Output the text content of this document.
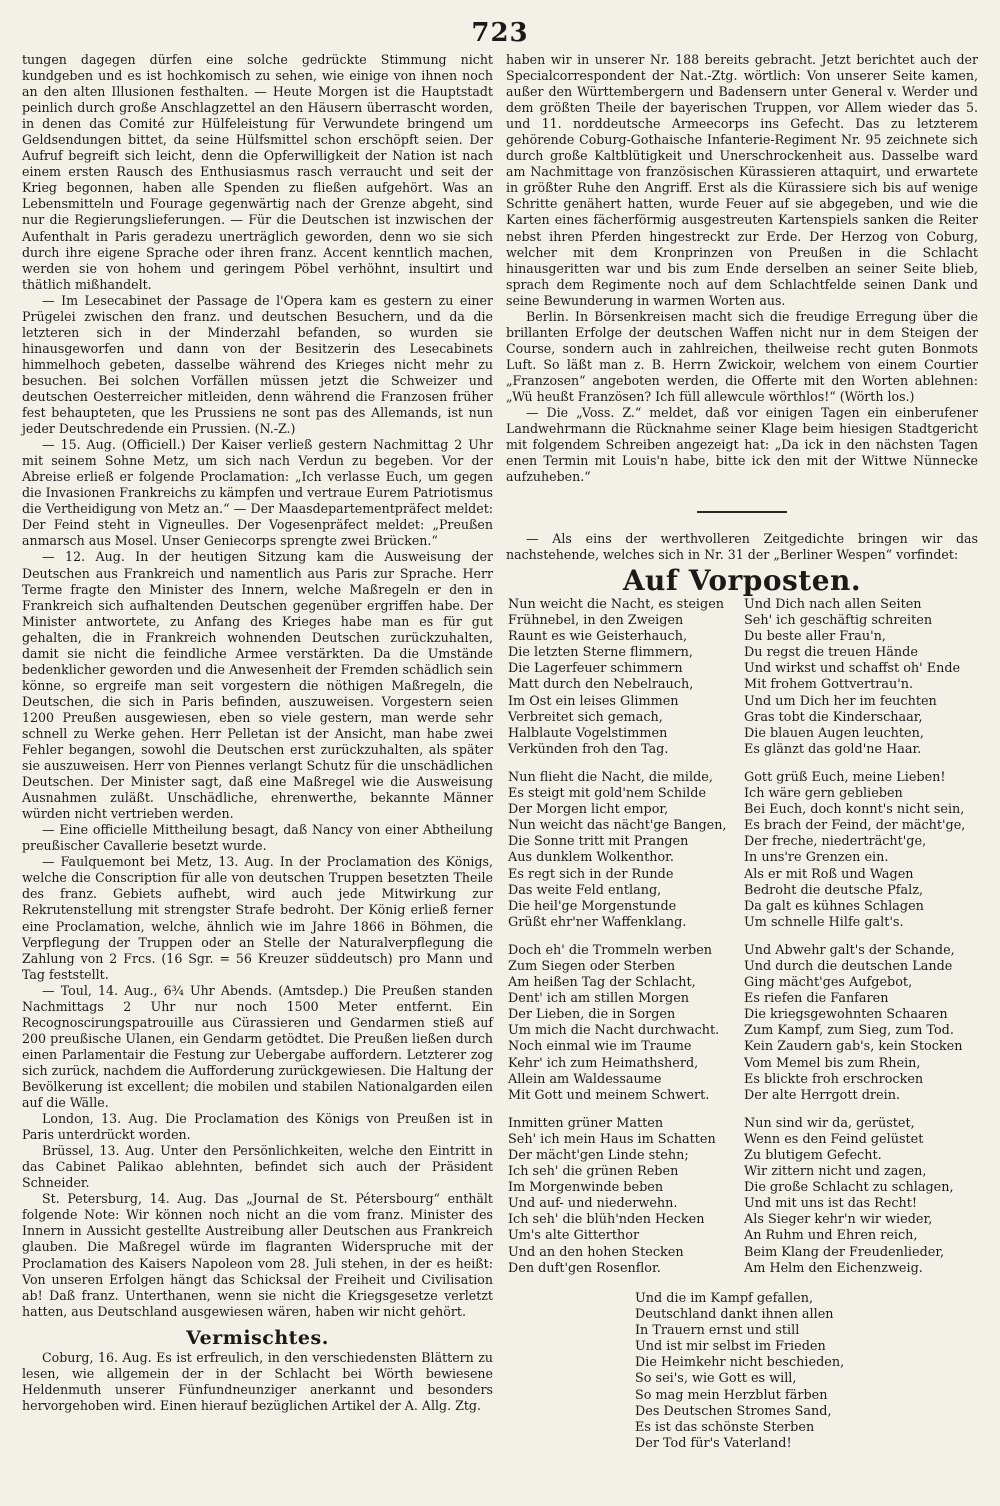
723

tungen dagegen dürfen eine solche gedrückte Stimmung nicht kundgeben und es ist hochkomisch zu sehen, wie einige von ihnen noch an den alten Illusionen festhalten. — Heute Morgen ist die Hauptstadt peinlich durch große Anschlagzettel an den Häusern überrascht worden, in denen das Comité zur Hülfeleistung für Verwundete bringend um Geldsendungen bittet, da seine Hülfsmittel schon erschöpft seien. Der Aufruf begreift sich leicht, denn die Opferwilligkeit der Nation ist nach einem ersten Rausch des Enthusiasmus rasch verraucht und seit der Krieg begonnen, haben alle Spenden zu fließen aufgehört. Was an Lebensmitteln und Fourage gegenwärtig nach der Grenze abgeht, sind nur die Regierungslieferungen. — Für die Deutschen ist inzwischen der Aufenthalt in Paris geradezu unerträglich geworden, denn wo sie sich durch ihre eigene Sprache oder ihren franz. Accent kenntlich machen, werden sie von hohem und geringem Pöbel verhöhnt, insultirt und thätlich mißhandelt.

— Im Lesecabinet der Passage de l'Opera kam es gestern zu einer Prügelei zwischen den franz. und deutschen Besuchern, und da die letzteren sich in der Minderzahl befanden, so wurden sie hinausgeworfen und dann von der Besitzerin des Lesecabinets himmelhoch gebeten, dasselbe während des Krieges nicht mehr zu besuchen. Bei solchen Vorfällen müssen jetzt die Schweizer und deutschen Oesterreicher mitleiden, denn während die Franzosen früher fest behaupteten, que les Prussiens ne sont pas des Allemands, ist nun jeder Deutschredende ein Prussien. (N.-Z.)

— 15. Aug. (Officiell.) Der Kaiser verließ gestern Nachmittag 2 Uhr mit seinem Sohne Metz, um sich nach Verdun zu begeben. Vor der Abreise erließ er folgende Proclamation: „Ich verlasse Euch, um gegen die Invasionen Frankreichs zu kämpfen und vertraue Eurem Patriotismus die Vertheidigung von Metz an.“ — Der Maasdepartementpräfect meldet: Der Feind steht in Vigneulles. Der Vogesenpräfect meldet: „Preußen anmarsch aus Mosel. Unser Geniecorps sprengte zwei Brücken.“

— 12. Aug. In der heutigen Sitzung kam die Ausweisung der Deutschen aus Frankreich und namentlich aus Paris zur Sprache. Herr Terme fragte den Minister des Innern, welche Maßregeln er den in Frankreich sich aufhaltenden Deutschen gegenüber ergriffen habe. Der Minister antwortete, zu Anfang des Krieges habe man es für gut gehalten, die in Frankreich wohnenden Deutschen zurückzuhalten, damit sie nicht die feindliche Armee verstärkten. Da die Umstände bedenklicher geworden und die Anwesenheit der Fremden schädlich sein könne, so ergreife man seit vorgestern die nöthigen Maßregeln, die Deutschen, die sich in Paris befinden, auszuweisen. Vorgestern seien 1200 Preußen ausgewiesen, eben so viele gestern, man werde sehr schnell zu Werke gehen. Herr Pelletan ist der Ansicht, man habe zwei Fehler begangen, sowohl die Deutschen erst zurückzuhalten, als später sie auszuweisen. Herr von Piennes verlangt Schutz für die unschädlichen Deutschen. Der Minister sagt, daß eine Maßregel wie die Ausweisung Ausnahmen zuläßt. Unschädliche, ehrenwerthe, bekannte Männer würden nicht vertrieben werden.

— Eine officielle Mittheilung besagt, daß Nancy von einer Abtheilung preußischer Cavallerie besetzt wurde.

— Faulquemont bei Metz, 13. Aug. In der Proclamation des Königs, welche die Conscription für alle von deutschen Truppen besetzten Theile des franz. Gebiets aufhebt, wird auch jede Mitwirkung zur Rekrutenstellung mit strengster Strafe bedroht. Der König erließ ferner eine Proclamation, welche, ähnlich wie im Jahre 1866 in Böhmen, die Verpflegung der Truppen oder an Stelle der Naturalverpflegung die Zahlung von 2 Frcs. (16 Sgr. = 56 Kreuzer süddeutsch) pro Mann und Tag feststellt.

— Toul, 14. Aug., 6¾ Uhr Abends. (Amtsdep.) Die Preußen standen Nachmittags 2 Uhr nur noch 1500 Meter entfernt. Ein Recognoscirungspatrouille aus Cürassieren und Gendarmen stieß auf 200 preußische Ulanen, ein Gendarm getödtet. Die Preußen ließen durch einen Parlamentair die Festung zur Uebergabe auffordern. Letzterer zog sich zurück, nachdem die Aufforderung zurückgewiesen. Die Haltung der Bevölkerung ist excellent; die mobilen und stabilen Nationalgarden eilen auf die Wälle.

London, 13. Aug. Die Proclamation des Königs von Preußen ist in Paris unterdrückt worden.

Brüssel, 13. Aug. Unter den Persönlichkeiten, welche den Eintritt in das Cabinet Palikao ablehnten, befindet sich auch der Präsident Schneider.

St. Petersburg, 14. Aug. Das „Journal de St. Pétersbourg“ enthält folgende Note: Wir können noch nicht an die vom franz. Minister des Innern in Aussicht gestellte Austreibung aller Deutschen aus Frankreich glauben. Die Maßregel würde im flagranten Widerspruche mit der Proclamation des Kaisers Napoleon vom 28. Juli stehen, in der es heißt: Von unseren Erfolgen hängt das Schicksal der Freiheit und Civilisation ab! Daß franz. Unterthanen, wenn sie nicht die Kriegsgesetze verletzt hatten, aus Deutschland ausgewiesen wären, haben wir nicht gehört.

Vermischtes.

Coburg, 16. Aug. Es ist erfreulich, in den verschiedensten Blättern zu lesen, wie allgemein der in der Schlacht bei Wörth bewiesene Heldenmuth unserer Fünfundneunziger anerkannt und besonders hervorgehoben wird. Einen hierauf bezüglichen Artikel der A. Allg. Ztg.

haben wir in unserer Nr. 188 bereits gebracht. Jetzt berichtet auch der Specialcorrespondent der Nat.-Ztg. wörtlich: Von unserer Seite kamen, außer den Württembergern und Badensern unter General v. Werder und dem größten Theile der bayerischen Truppen, vor Allem wieder das 5. und 11. norddeutsche Armeecorps ins Gefecht. Das zu letzterem gehörende Coburg-Gothaische Infanterie-Regiment Nr. 95 zeichnete sich durch große Kaltblütigkeit und Unerschrockenheit aus. Dasselbe ward am Nachmittage von französischen Kürassieren attaquirt, und erwartete in größter Ruhe den Angriff. Erst als die Kürassiere sich bis auf wenige Schritte genähert hatten, wurde Feuer auf sie abgegeben, und wie die Karten eines fächerförmig ausgestreuten Kartenspiels sanken die Reiter nebst ihren Pferden hingestreckt zur Erde. Der Herzog von Coburg, welcher mit dem Kronprinzen von Preußen in die Schlacht hinausgeritten war und bis zum Ende derselben an seiner Seite blieb, sprach dem Regimente noch auf dem Schlachtfelde seinen Dank und seine Bewunderung in warmen Worten aus.

Berlin. In Börsenkreisen macht sich die freudige Erregung über die brillanten Erfolge der deutschen Waffen nicht nur in dem Steigen der Course, sondern auch in zahlreichen, theilweise recht guten Bonmots Luft. So läßt man z. B. Herrn Zwickoir, welchem von einem Courtier „Franzosen“ angeboten werden, die Offerte mit den Worten ablehnen: „Wü heußt Französen? Ich füll allewcule wörthlos!“ (Wörth los.)

— Die „Voss. Z.“ meldet, daß vor einigen Tagen ein einberufener Landwehrmann die Rücknahme seiner Klage beim hiesigen Stadtgericht mit folgendem Schreiben angezeigt hat: „Da ick in den nächsten Tagen enen Termin mit Louis'n habe, bitte ick den mit der Wittwe Nünnecke aufzuheben.“

— Als eins der werthvolleren Zeitgedichte bringen wir das nachstehende, welches sich in Nr. 31 der „Berliner Wespen“ vorfindet:

Auf Vorposten.
Nun weicht die Nacht, es steigen
Frühnebel, in den Zweigen
Raunt es wie Geisterhauch,
Die letzten Sterne flimmern,
Die Lagerfeuer schimmern
Matt durch den Nebelrauch,
Im Ost ein leises Glimmen
Verbreitet sich gemach,
Halblaute Vogelstimmen
Verkünden froh den Tag.
Nun flieht die Nacht, die milde,
Es steigt mit gold'nem Schilde
Der Morgen licht empor,
Nun weicht das nächt'ge Bangen,
Die Sonne tritt mit Prangen
Aus dunklem Wolkenthor.
Es regt sich in der Runde
Das weite Feld entlang,
Die heil'ge Morgenstunde
Grüßt ehr'ner Waffenklang.
Doch eh' die Trommeln werben
Zum Siegen oder Sterben
Am heißen Tag der Schlacht,
Dent' ich am stillen Morgen
Der Lieben, die in Sorgen
Um mich die Nacht durchwacht.
Noch einmal wie im Traume
Kehr' ich zum Heimathsherd,
Allein am Waldessaume
Mit Gott und meinem Schwert.
Inmitten grüner Matten
Seh' ich mein Haus im Schatten
Der mächt'gen Linde stehn;
Ich seh' die grünen Reben
Im Morgenwinde beben
Und auf- und niederwehn.
Ich seh' die blüh'nden Hecken
Um's alte Gitterthor
Und an den hohen Stecken
Den duft'gen Rosenflor.
Und Dich nach allen Seiten
Seh' ich geschäftig schreiten
Du beste aller Frau'n,
Du regst die treuen Hände
Und wirkst und schaffst oh' Ende
Mit frohem Gottvertrau'n.
Und um Dich her im feuchten
Gras tobt die Kinderschaar,
Die blauen Augen leuchten,
Es glänzt das gold'ne Haar.
Gott grüß Euch, meine Lieben!
Ich wäre gern geblieben
Bei Euch, doch konnt's nicht sein,
Es brach der Feind, der mächt'ge,
Der freche, niederträcht'ge,
In uns're Grenzen ein.
Als er mit Roß und Wagen
Bedroht die deutsche Pfalz,
Da galt es kühnes Schlagen
Um schnelle Hilfe galt's.
Und Abwehr galt's der Schande,
Und durch die deutschen Lande
Ging mächt'ges Aufgebot,
Es riefen die Fanfaren
Die kriegsgewohnten Schaaren
Zum Kampf, zum Sieg, zum Tod.
Kein Zaudern gab's, kein Stocken
Vom Memel bis zum Rhein,
Es blickte froh erschrocken
Der alte Herrgott drein.
Nun sind wir da, gerüstet,
Wenn es den Feind gelüstet
Zu blutigem Gefecht.
Wir zittern nicht und zagen,
Die große Schlacht zu schlagen,
Und mit uns ist das Recht!
Als Sieger kehr'n wir wieder,
An Ruhm und Ehren reich,
Beim Klang der Freudenlieder,
Am Helm den Eichenzweig.
Und die im Kampf gefallen,
Deutschland dankt ihnen allen
In Trauern ernst und still
Und ist mir selbst im Frieden
Die Heimkehr nicht beschieden,
So sei's, wie Gott es will,
So mag mein Herzblut färben
Des Deutschen Stromes Sand,
Es ist das schönste Sterben
Der Tod für's Vaterland!
